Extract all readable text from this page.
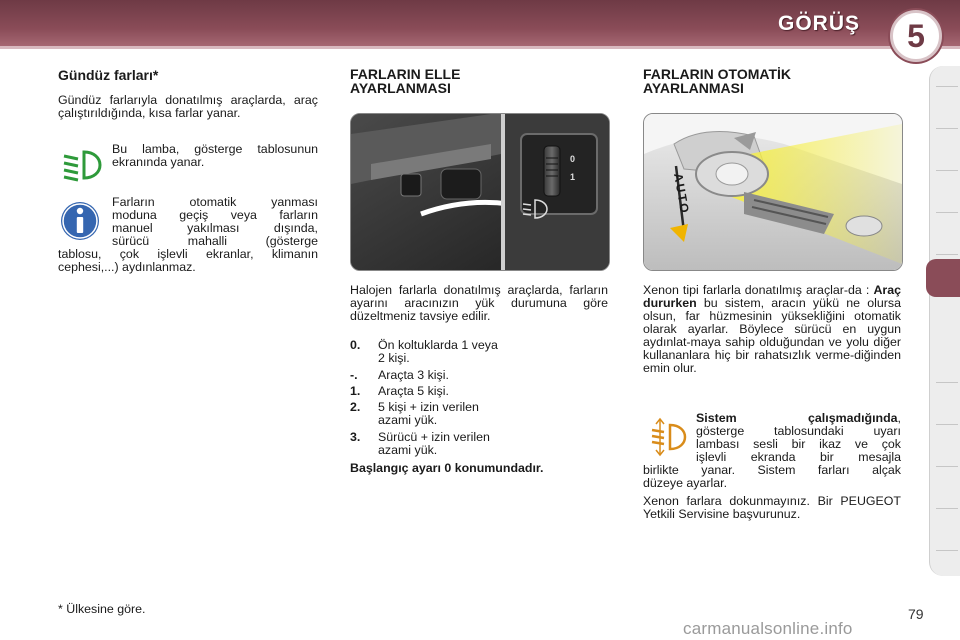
GÖRÜŞ	5
Gündüz farları*

Gündüz farlarıyla donatılmış araçlarda, araç çalıştırıldığında, kısa farlar yanar.

Bu lamba, gösterge tablosunun ekranında yanar.

Farların otomatik yanması
moduna geçiş veya farların
manuel yakılması dışında,
sürücü mahalli (gösterge
tablosu, çok işlevli ekranlar, klimanın
cephesi,...) aydınlanmaz.
FARLARIN ELLE
AYARLANMASI
0
1

Halojen farlarla donatılmış araçlarda, farların ayarını aracınızın yük durumuna göre düzeltmeniz tavsiye edilir.

0. Ön koltuklarda 1 veya
2 kişi.
-. Araçta 3 kişi.
1. Araçta 5 kişi.
2. 5 kişi + izin verilen
azami yük.
3. Sürücü + izin verilen
azami yük.
Başlangıç ayarı 0 konumundadır.
FARLARIN OTOMATİK
AYARLANMASI
AUTO

Xenon tipi farlarla donatılmış araçlar-da : Araç dururken bu sistem, aracın yükü ne olursa olsun, far hüzmesinin yüksekliğini otomatik olarak ayarlar. Böylece sürücü en uygun aydınlat-maya sahip olduğundan ve yolu diğer kullananlara hiç bir rahatsızlık verme-diğinden emin olur.

Sistem çalışmadığında,
gösterge tablosundaki uyarı
lambası sesli bir ikaz ve çok
işlevli ekranda bir mesajla
birlikte yanar. Sistem farları alçak
düzeye ayarlar.

Xenon farlara dokunmayınız. Bir PEUGEOT Yetkili Servisine başvurunuz.

* Ülkesine göre.	79
carmanualsonline.info
